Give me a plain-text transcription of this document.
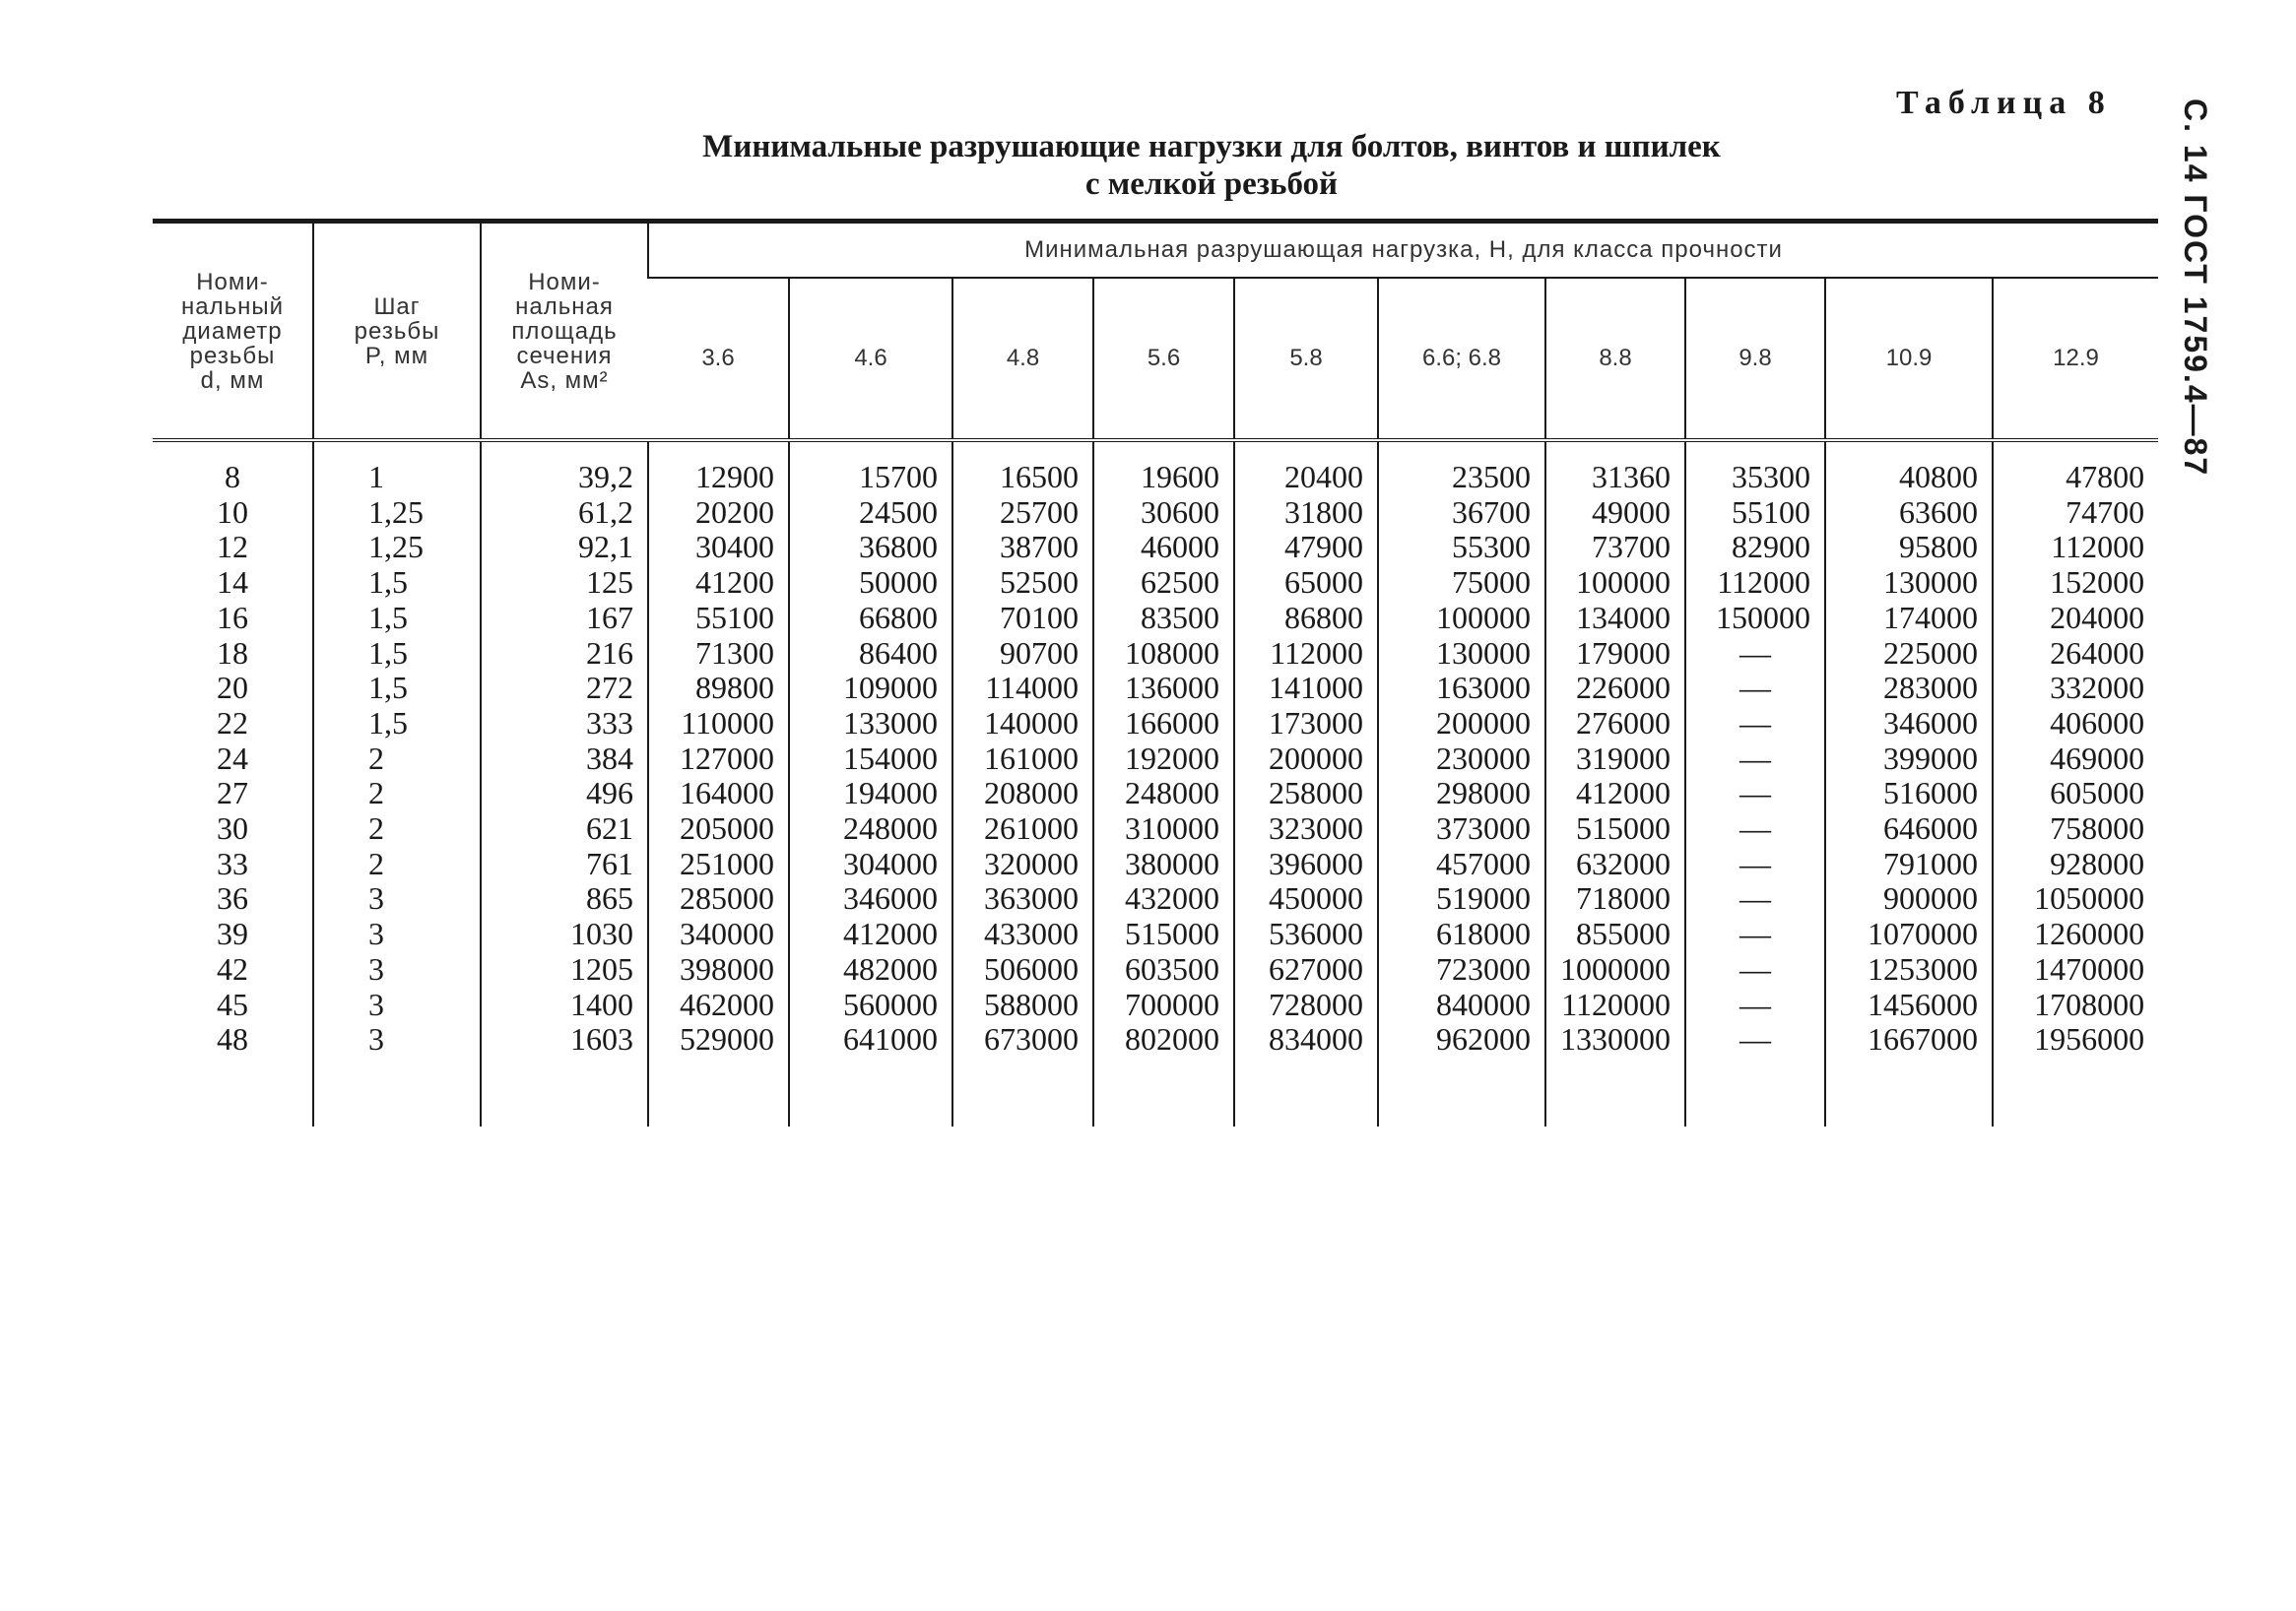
Таблица 8
Минимальные разрушающие нагрузки для болтов, винтов и шпилек
с мелкой резьбой	С. 14 ГОСТ 1759.4—87
Номи-
нальный
диаметр
резьбы
d, мм	Шаг
резьбы
P, мм	Номи-
нальная
площадь
сечения
As, мм²	Минимальная разрушающая нагрузка, Н, для класса прочности									
			3.6	4.6	4.8	5.6	5.8	6.6; 6.8	8.8	9.8	10.9	12.9

8	1	39,2	12900	15700	16500	19600	20400	23500	31360	35300	40800	47800
10	1,25	61,2	20200	24500	25700	30600	31800	36700	49000	55100	63600	74700
12	1,25	92,1	30400	36800	38700	46000	47900	55300	73700	82900	95800	112000
14	1,5	125	41200	50000	52500	62500	65000	75000	100000	112000	130000	152000
16	1,5	167	55100	66800	70100	83500	86800	100000	134000	150000	174000	204000
18	1,5	216	71300	86400	90700	108000	112000	130000	179000	—	225000	264000
20	1,5	272	89800	109000	114000	136000	141000	163000	226000	—	283000	332000
22	1,5	333	110000	133000	140000	166000	173000	200000	276000	—	346000	406000
24	2	384	127000	154000	161000	192000	200000	230000	319000	—	399000	469000
27	2	496	164000	194000	208000	248000	258000	298000	412000	—	516000	605000
30	2	621	205000	248000	261000	310000	323000	373000	515000	—	646000	758000
33	2	761	251000	304000	320000	380000	396000	457000	632000	—	791000	928000
36	3	865	285000	346000	363000	432000	450000	519000	718000	—	900000	1050000
39	3	1030	340000	412000	433000	515000	536000	618000	855000	—	1070000	1260000
42	3	1205	398000	482000	506000	603500	627000	723000	1000000	—	1253000	1470000
45	3	1400	462000	560000	588000	700000	728000	840000	1120000	—	1456000	1708000
48	3	1603	529000	641000	673000	802000	834000	962000	1330000	—	1667000	1956000
